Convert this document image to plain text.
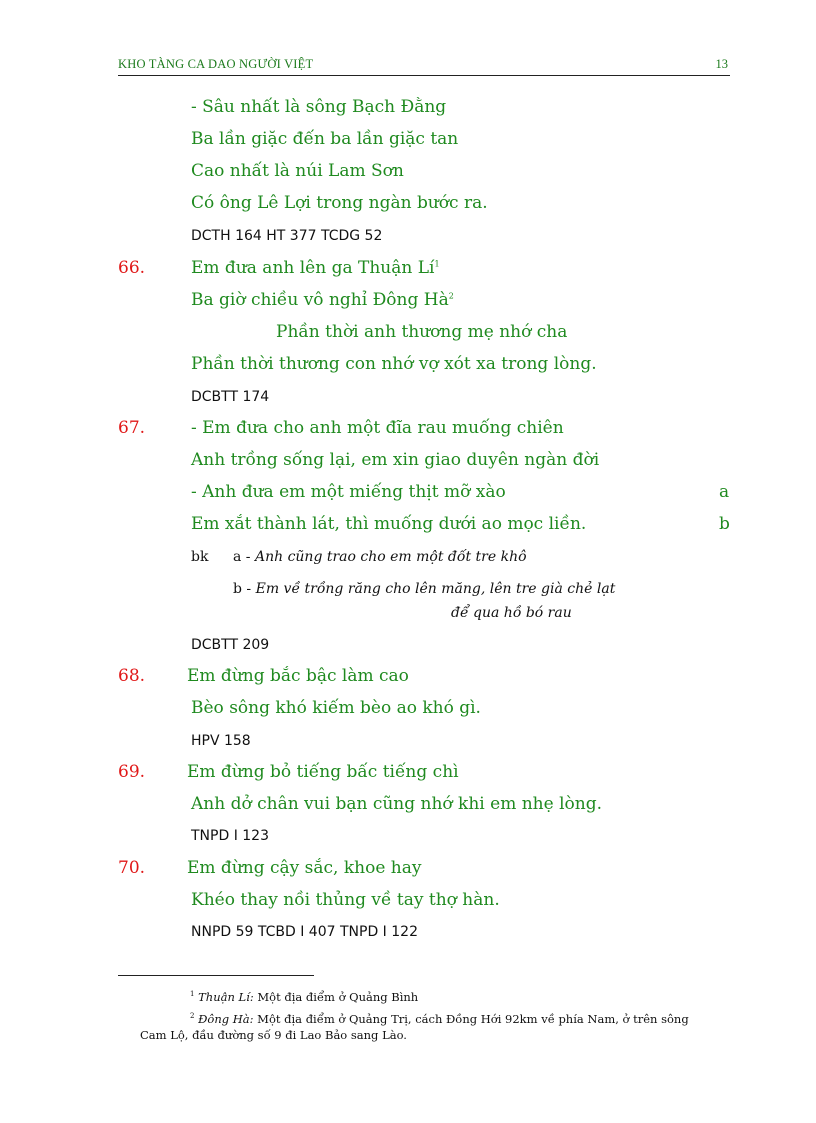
KHO TÀNG CA DAO NGƯỜI VIỆT	13
- Sâu nhất là sông Bạch Đằng
Ba lần giặc đến ba lần giặc tan
Cao nhất là núi Lam Sơn
Có ông Lê Lợi trong ngàn bước ra.
DCTH 164 HT 377 TCDG 52
66.	Em đưa anh lên ga Thuận Lí$^1$
Ba giờ chiều vô nghỉ Đông Hà$^2$
Phần thời anh thương mẹ nhớ cha
Phần thời thương con nhớ vợ xót xa trong lòng.
DCBTT 174
67.	- Em đưa cho anh một đĩa rau muống chiên
Anh trồng sống lại, em xin giao duyên ngàn đời
- Anh đưa em một miếng thịt mỡ xào	a
Em xắt thành lát, thì muống dưới ao mọc liền.	b
bk a - Anh cũng trao cho em một đốt tre khô
b - Em về trồng răng cho lên măng, lên tre già chẻ lạt
để qua hồ bó rau
DCBTT 209
68. Em đừng bắc bậc làm cao
Bèo sông khó kiếm bèo ao khó gì.
HPV 158
69. Em đừng bỏ tiếng bấc tiếng chì
Anh dở chân vui bạn cũng nhớ khi em nhẹ lòng.
TNPD I 123
70. Em đừng cậy sắc, khoe hay
Khéo thay nồi thủng về tay thợ hàn.
NNPD 59 TCBD I 407 TNPD I 122
$^1$ Thuận Lí: Một địa điểm ở Quảng Bình
$^2$ Đông Hà: Một địa điểm ở Quảng Trị, cách Đồng Hới 92km về phía Nam, ở trên sông
Cam Lộ, đầu đường số 9 đi Lao Bảo sang Lào.
